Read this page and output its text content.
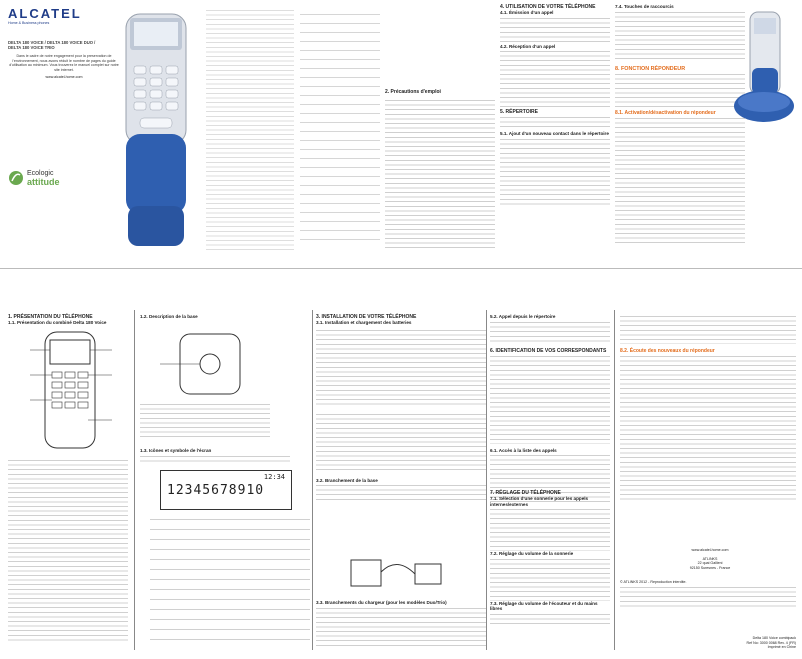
ALCATEL
Home & Business phones
DELTA 180 VOICE / DELTA 180 VOICE DUO /
DELTA 180 VOICE TRIO
Dans le cadre de notre engagement pour la preservation de l'environnement, nous avons réduit le nombre de pages du guide d'utilisation au minimum. Vous trouverez le manuel complet sur notre site internet.
www.alcatel-home.com
Ecologic
attitude
2. Précautions d'emploi
4. UTILISATION DE VOTRE TÉLÉPHONE
4.1. Émission d'un appel
4.2. Réception d'un appel
5. RÉPERTOIRE
5.1. Ajout d'un nouveau contact dans le répertoire
7.4. Touches de raccourcis
8. FONCTION RÉPONDEUR
8.1. Activation/désactivation du répondeur
1. PRÉSENTATION DU TÉLÉPHONE
1.1. Présentation du combiné Delta 180 Voice
1.2. Description de la base
1.3. Icônes et symbole de l'écran
12345678910
12:34
3. INSTALLATION DE VOTRE TÉLÉPHONE
3.1. Installation et chargement des batteries
3.2. Branchement de la base
3.3. Branchements du chargeur (pour les modèles Duo/Trio)
5.2. Appel depuis le répertoire
6. IDENTIFICATION DE VOS CORRESPONDANTS
6.1. Accès à la liste des appels
7. RÉGLAGE DU TÉLÉPHONE
7.1. Sélection d'une sonnerie pour les appels internes/externes
7.2. Réglage du volume de la sonnerie
7.3. Réglage du volume de l'écouteur et du mains libres
8.2. Écoute des nouveaux du répondeur
www.alcatel-home.com
ATLINKS
22 quai Gallieni
92150 Suresnes - France
© ATLINKS 2012 - Reproduction interdite.
Delta 180 Voice combipack
Ref No: 3000 0068 Rev. 4 (FR)
Imprimé en Chine
